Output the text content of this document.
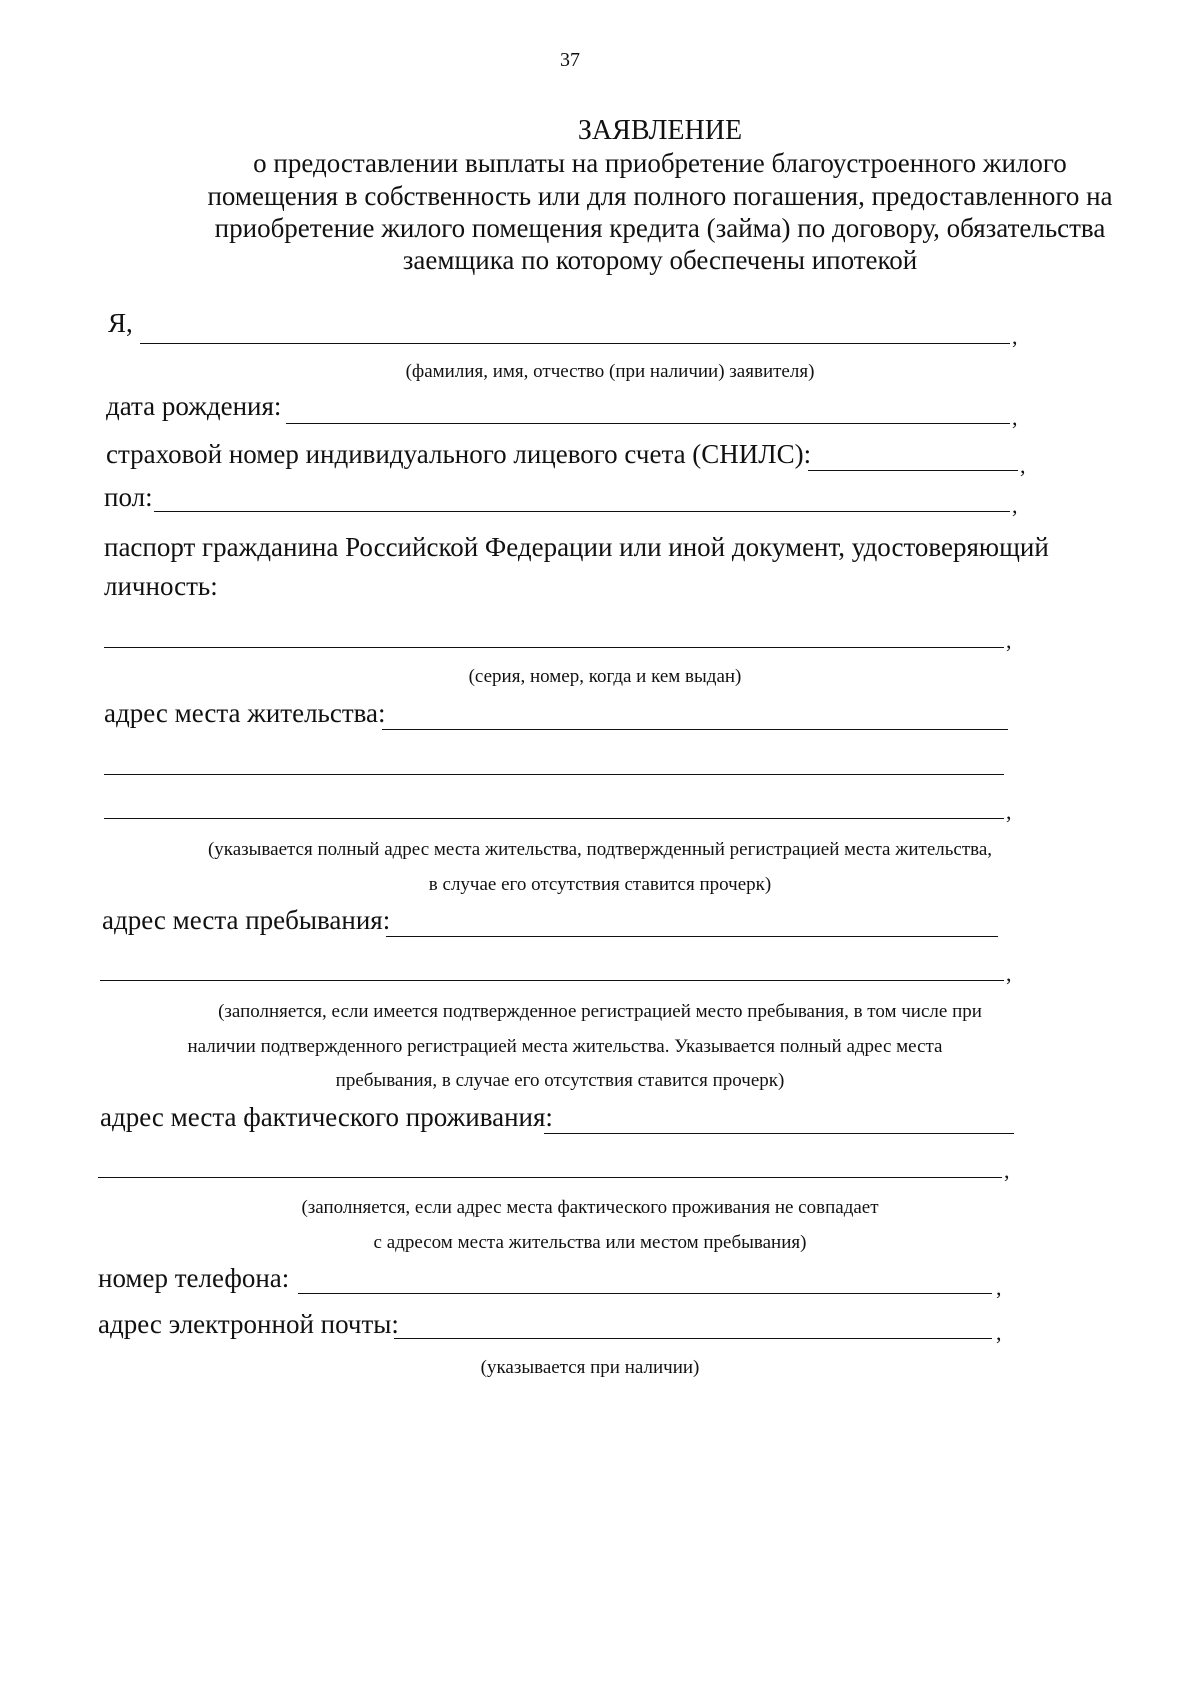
37
ЗАЯВЛЕНИЕ
о предоставлении выплаты на приобретение благоустроенного жилого
помещения в собственность или для полного погашения, предоставленного на
приобретение жилого помещения кредита (займа) по договору, обязательства
заемщика по которому обеспечены ипотекой
Я,	,
(фамилия, имя, отчество (при наличии) заявителя)
дата рождения:	,
страховой номер индивидуального лицевого счета (СНИЛС):	,
пол:	,
паспорт гражданина Российской Федерации или иной документ, удостоверяющий
личность:
,
(серия, номер, когда и кем выдан)
адрес места жительства:
,
(указывается полный адрес места жительства, подтвержденный регистрацией места жительства,
в случае его отсутствия ставится прочерк)
адрес места пребывания:
,
(заполняется, если имеется подтвержденное регистрацией место пребывания, в том числе при
наличии подтвержденного регистрацией места жительства. Указывается полный адрес места
пребывания, в случае его отсутствия ставится прочерк)
адрес места фактического проживания:
,
(заполняется, если адрес места фактического проживания не совпадает
с адресом места жительства или местом пребывания)
номер телефона:	,
адрес электронной почты:	,
(указывается при наличии)
